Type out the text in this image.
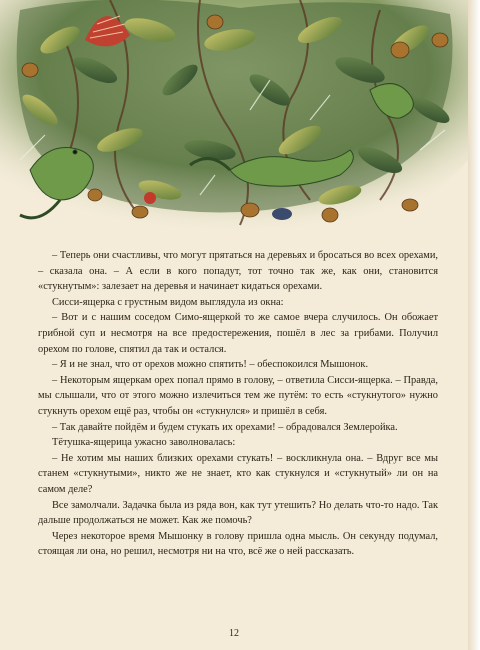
– Теперь они счастливы, что могут прятаться на деревьях и бросаться во всех орехами, – сказала она. – А если в кого попадут, тот точно так же, как они, становится «стукнутым»: залезает на деревья и начинает кидаться орехами.

Сисси-ящерка с грустным видом выглядула из окна:

– Вот и с нашим соседом Симо-ящеркой то же самое вчера случилось. Он обожает грибной суп и несмотря на все предостережения, пошёл в лес за грибами. Получил орехом по голове, спятил да так и остался.

– Я и не знал, что от орехов можно спятить! – обеспокоился Мышонок.

– Некоторым ящеркам орех попал прямо в голову, – ответила Сисси-ящерка. – Правда, мы слышали, что от этого можно излечиться тем же путём: то есть «стукнутого» нужно стукнуть орехом ещё раз, чтобы он «стукнулся» и пришёл в себя.

– Так давайте пойдём и будем стукать их орехами! – обрадовался Землеройка.

Тётушка-ящерица ужасно заволновалась:

– Не хотим мы наших близких орехами стукать! – воскликнула она. – Вдруг все мы станем «стукнутыми», никто же не знает, кто как стукнулся и «стукнутый» ли он на самом деле?

Все замолчали. Задачка была из ряда вон, как тут утешить? Но делать что-то надо. Так дальше продолжаться не может. Как же помочь?

Через некоторое время Мышонку в голову пришла одна мысль. Он секунду подумал, стоящая ли она, но решил, несмотря ни на что, всё же о ней рассказать.

12
